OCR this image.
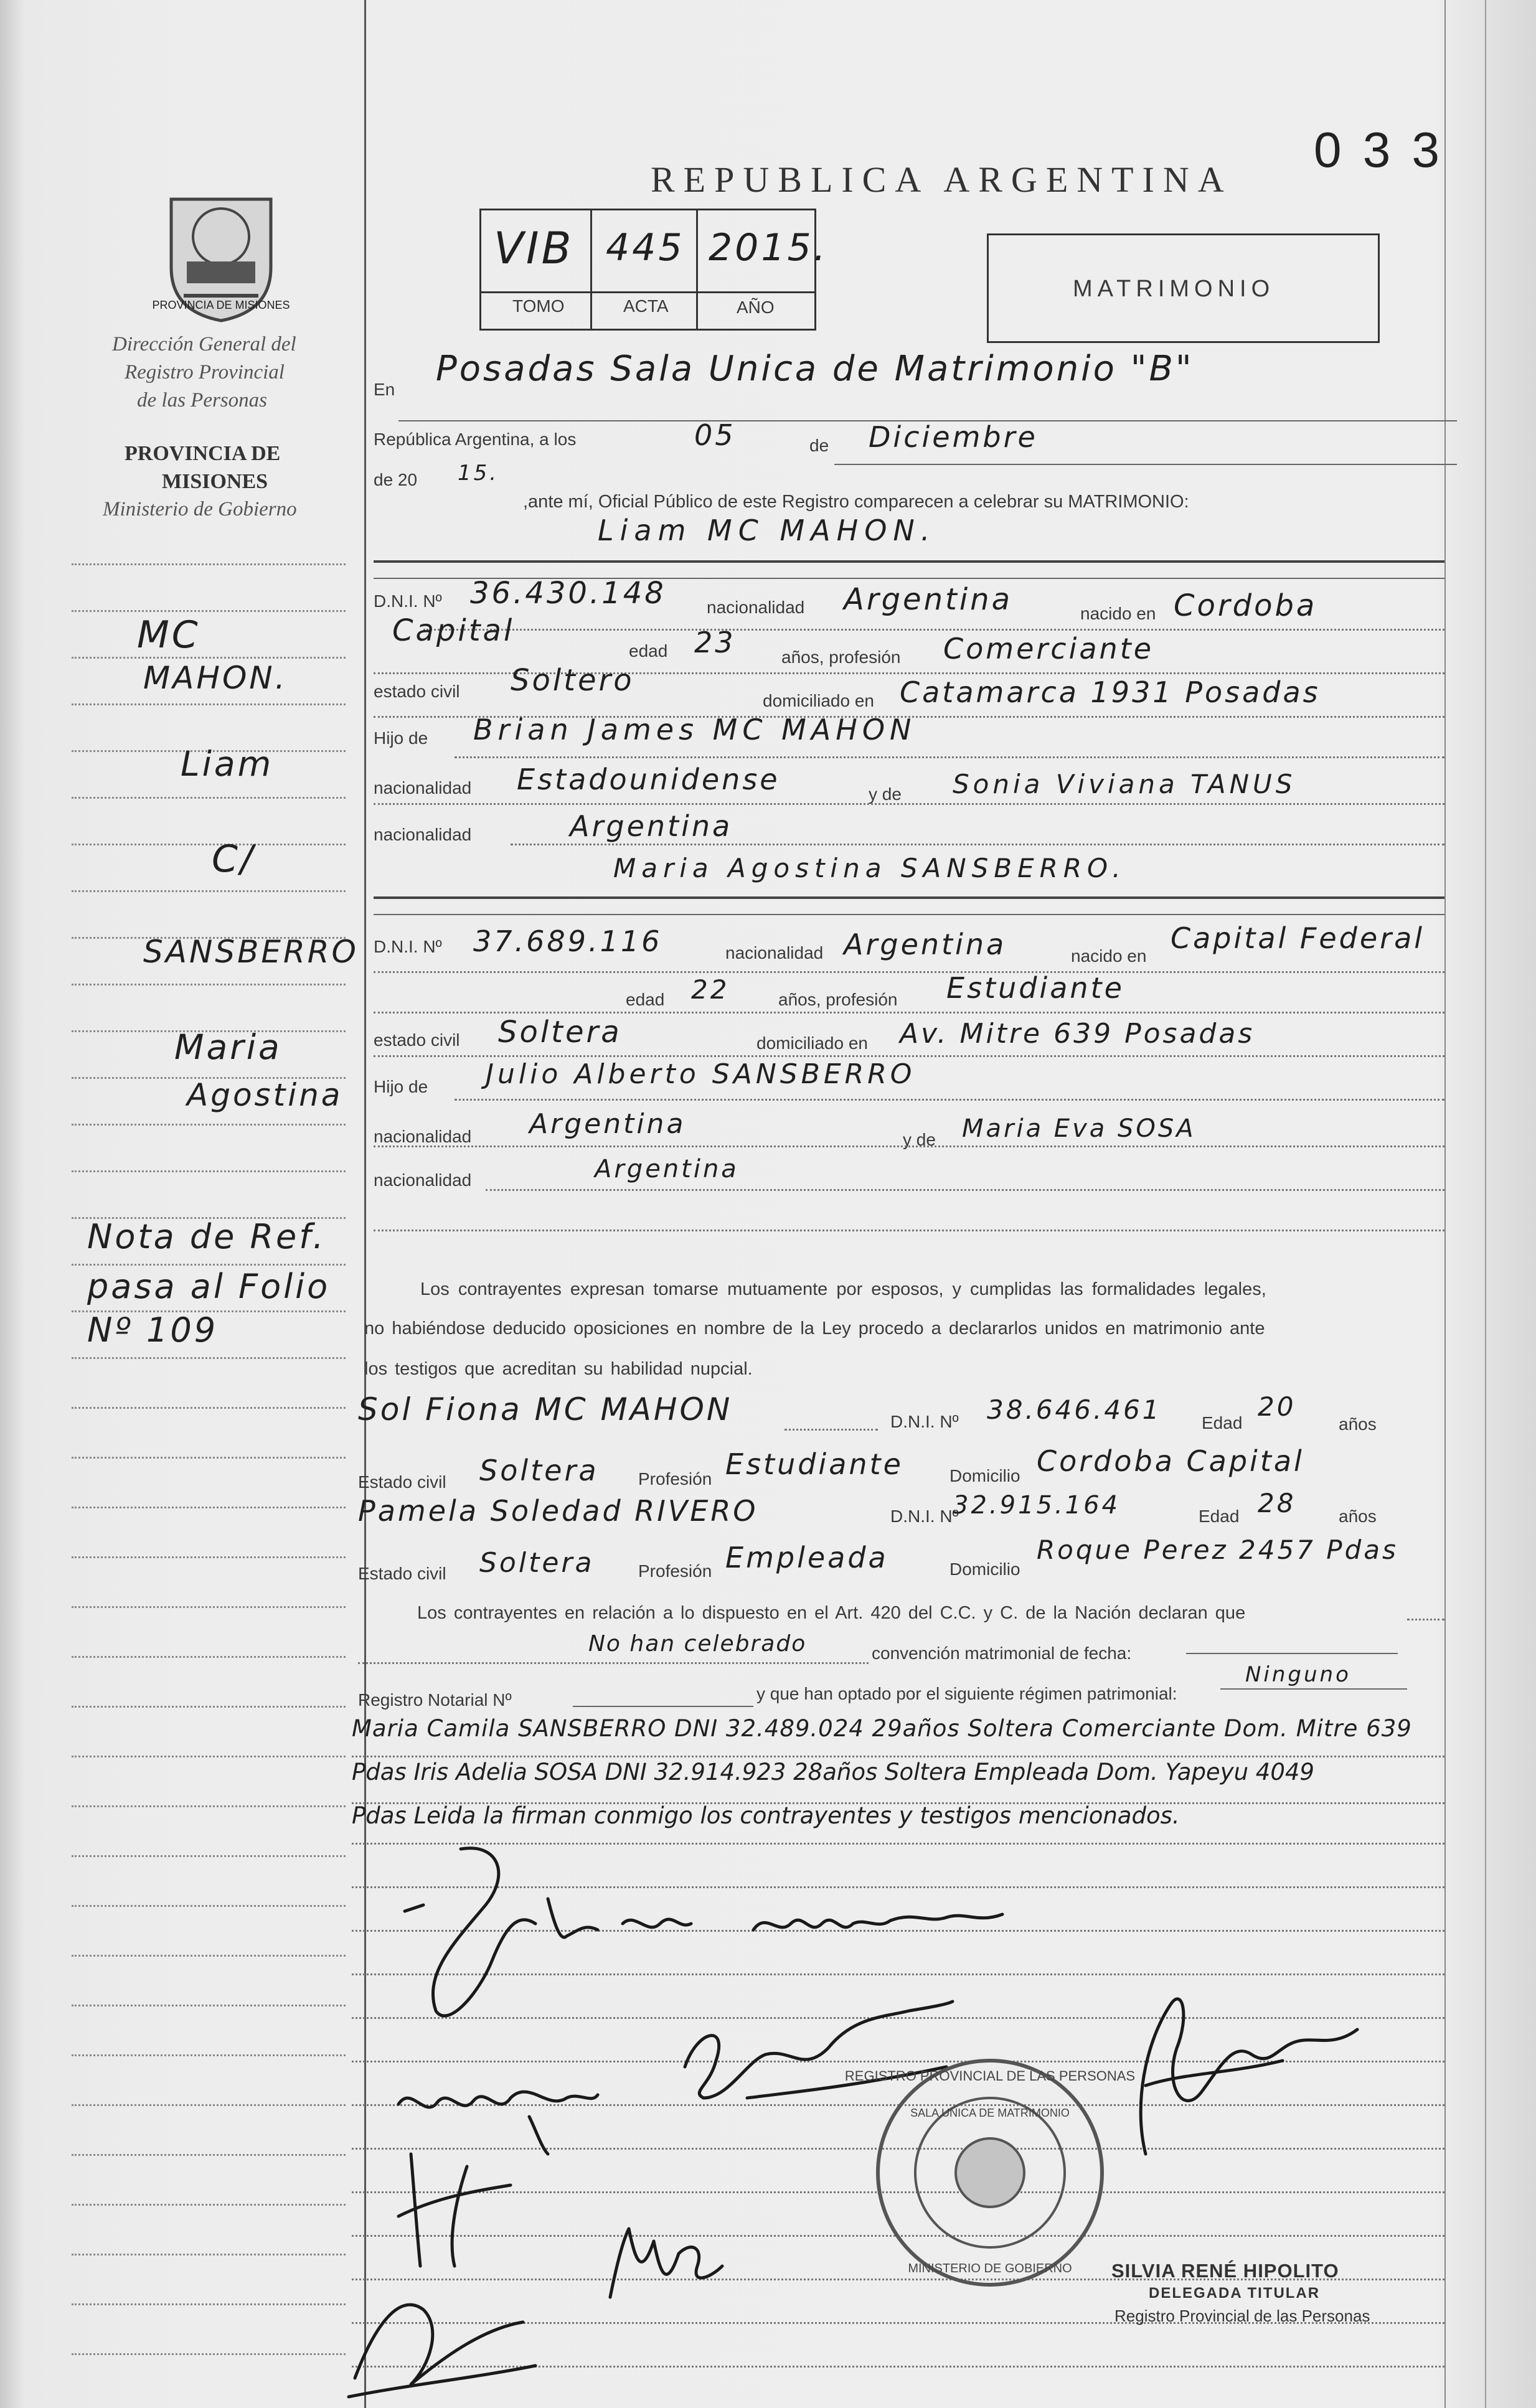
0 3 3
REPUBLICA ARGENTINA
VIB 445 2015.
TOMO	ACTA	AÑO
MATRIMONIO
PROVINCIA DE MISIONES
Dirección General del
Registro Provincial
de las Personas
PROVINCIA DE
MISIONES
Ministerio de Gobierno
MC
MAHON.
Liam
C/
SANSBERRO
Maria
Agostina
Nota de Ref.
pasa al Folio
Nº 109
En
Posadas Sala Unica de Matrimonio "B"
República Argentina, a los	05	de Diciembre
de 20 15.
,ante mí, Oficial Público de este Registro comparecen a celebrar su MATRIMONIO:
Liam MC MAHON.
D.N.I. Nº 36.430.148 nacionalidad Argentina	nacido en Cordoba
Capital
edad 23	años, profesión Comerciante
estado civil Soltero
domiciliado en Catamarca 1931 Posadas
Hijo de Brian James MC MAHON
nacionalidad Estadounidense	y de Sonia Viviana TANUS
nacionalidad	Argentina
Maria Agostina SANSBERRO.
D.N.I. Nº 37.689.116	nacionalidad Argentina	nacido en
Capital Federal
edad 22	años, profesión Estudiante
estado civil Soltera	domiciliado en Av. Mitre 639 Posadas
Hijo de Julio Alberto SANSBERRO
nacionalidad Argentina	y de Maria Eva SOSA
nacionalidad	Argentina
Los contrayentes expresan tomarse mutuamente por esposos, y cumplidas las formalidades legales,
no habiéndose deducido oposiciones en nombre de la Ley procedo a declararlos unidos en matrimonio ante
los testigos que acreditan su habilidad nupcial.
Sol Fiona MC MAHON	D.N.I. Nº 38.646.461 Edad
20
años
Estado civil Soltera Profesión Estudiante	Domicilio Cordoba Capital
Pamela Soledad RIVERO	D.N.I. Nº
32.915.164	Edad 28 años
Estado civil Soltera	Profesión Empleada	Domicilio
Roque Perez 2457 Pdas
Los contrayentes en relación a lo dispuesto en el Art. 420 del C.C. y C. de la Nación declaran que
No han celebrado	convención matrimonial de fecha:
Registro Notarial Nº	y que han optado por el siguiente régimen patrimonial:
Ninguno
Maria Camila SANSBERRO DNI 32.489.024 29años Soltera Comerciante Dom. Mitre 639
Pdas Iris Adelia SOSA DNI 32.914.923 28años Soltera Empleada Dom. Yapeyu 4049
Pdas Leida la firman conmigo los contrayentes y testigos mencionados.
REGISTRO PROVINCIAL DE LAS PERSONAS
SALA UNICA DE MATRIMONIO
MINISTERIO DE GOBIERNO SILVIA RENÉ HIPOLITO
DELEGADA TITULAR
Registro Provincial de las Personas
